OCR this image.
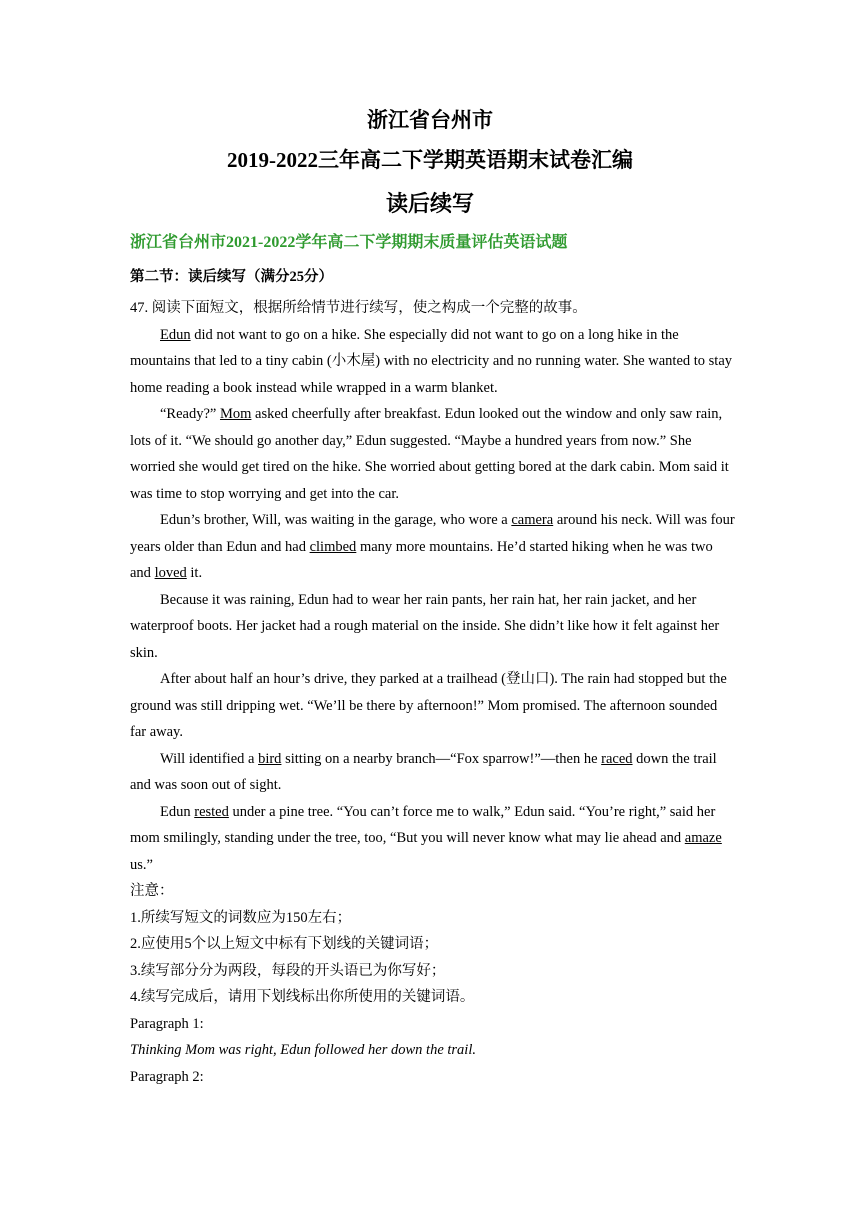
浙江省台州市
2019-2022三年高二下学期英语期末试卷汇编
读后续写
浙江省台州市2021-2022学年高二下学期期末质量评估英语试题
第二节：读后续写（满分25分）

47. 阅读下面短文，根据所给情节进行续写，使之构成一个完整的故事。

Edun did not want to go on a hike. She especially did not want to go on a long hike in the mountains that led to a tiny cabin (小木屋) with no electricity and no running water. She wanted to stay home reading a book instead while wrapped in a warm blanket.

“Ready?” Mom asked cheerfully after breakfast. Edun looked out the window and only saw rain, lots of it. “We should go another day,” Edun suggested. “Maybe a hundred years from now.” She worried she would get tired on the hike. She worried about getting bored at the dark cabin. Mom said it was time to stop worrying and get into the car.

Edun’s brother, Will, was waiting in the garage, who wore a camera around his neck. Will was four years older than Edun and had climbed many more mountains. He’d started hiking when he was two and loved it.

Because it was raining, Edun had to wear her rain pants, her rain hat, her rain jacket, and her waterproof boots. Her jacket had a rough material on the inside. She didn’t like how it felt against her skin.

After about half an hour’s drive, they parked at a trailhead (登山口). The rain had stopped but the ground was still dripping wet. “We’ll be there by afternoon!” Mom promised. The afternoon sounded far away.

Will identified a bird sitting on a nearby branch—“Fox sparrow!”—then he raced down the trail and was soon out of sight.

Edun rested under a pine tree. “You can’t force me to walk,” Edun said. “You’re right,” said her mom smilingly, standing under the tree, too, “But you will never know what may lie ahead and amaze us.”

注意：

1.所续写短文的词数应为150左右；

2.应使用5个以上短文中标有下划线的关键词语；

3.续写部分分为两段，每段的开头语已为你写好；

4.续写完成后，请用下划线标出你所使用的关键词语。

Paragraph 1:

Thinking Mom was right, Edun followed her down the trail.

Paragraph 2:
